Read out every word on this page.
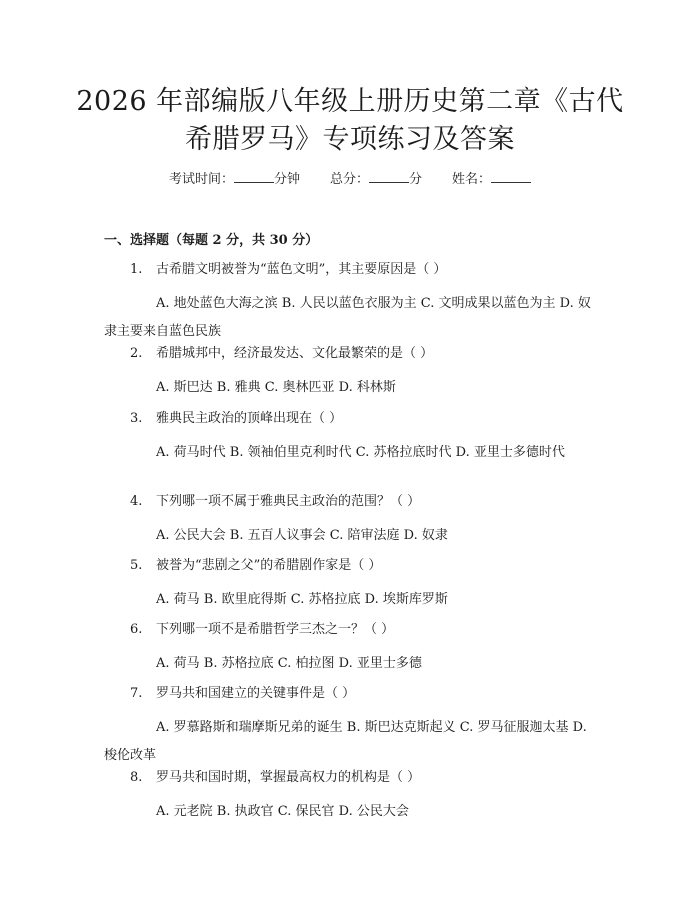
2026 年部编版八年级上册历史第二章《古代
希腊罗马》专项练习及答案
考试时间：	分钟 总分：	分 姓名：
一、选择题（每题 2 分，共 30 分）
1. 古希腊文明被誉为“蓝色文明”，其主要原因是（ ）
A. 地处蓝色大海之滨 B. 人民以蓝色衣服为主 C. 文明成果以蓝色为主 D. 奴隶主要来自蓝色民族
2. 希腊城邦中，经济最发达、文化最繁荣的是（ ）
A. 斯巴达 B. 雅典 C. 奥林匹亚 D. 科林斯
3. 雅典民主政治的顶峰出现在（ ）
A. 荷马时代 B. 领袖伯里克利时代 C. 苏格拉底时代 D. 亚里士多德时代
4. 下列哪一项不属于雅典民主政治的范围？（ ）
A. 公民大会 B. 五百人议事会 C. 陪审法庭 D. 奴隶
5. 被誉为“悲剧之父”的希腊剧作家是（ ）
A. 荷马 B. 欧里庇得斯 C. 苏格拉底 D. 埃斯库罗斯
6. 下列哪一项不是希腊哲学三杰之一？（ ）
A. 荷马 B. 苏格拉底 C. 柏拉图 D. 亚里士多德
7. 罗马共和国建立的关键事件是（ ）
A. 罗慕路斯和瑞摩斯兄弟的诞生 B. 斯巴达克斯起义 C. 罗马征服迦太基 D. 梭伦改革
8. 罗马共和国时期，掌握最高权力的机构是（ ）
A. 元老院 B. 执政官 C. 保民官 D. 公民大会
